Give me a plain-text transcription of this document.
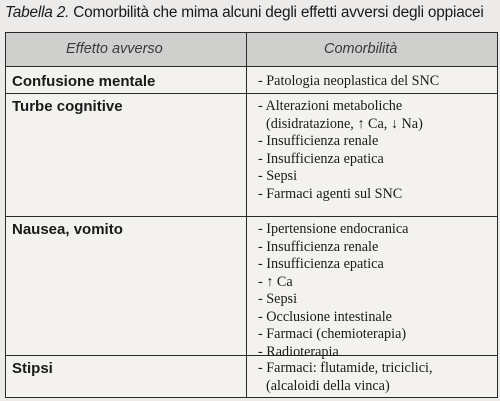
Tabella 2. Comorbilità che mima alcuni degli effetti avversi degli oppiacei
Effetto avverso	Comorbilità
Confusione mentale	- Patologia neoplastica del SNC
Turbe cognitive	- Alterazioni metaboliche
(disidratazione, ↑ Ca, ↓ Na)
- Insufficienza renale
- Insufficienza epatica
- Sepsi
- Farmaci agenti sul SNC
Nausea, vomito	- Ipertensione endocranica
- Insufficienza renale
- Insufficienza epatica
- ↑ Ca
- Sepsi
- Occlusione intestinale
- Farmaci (chemioterapia)
- Radioterapia
Stipsi	- Farmaci: flutamide, triciclici,
(alcaloidi della vinca)
